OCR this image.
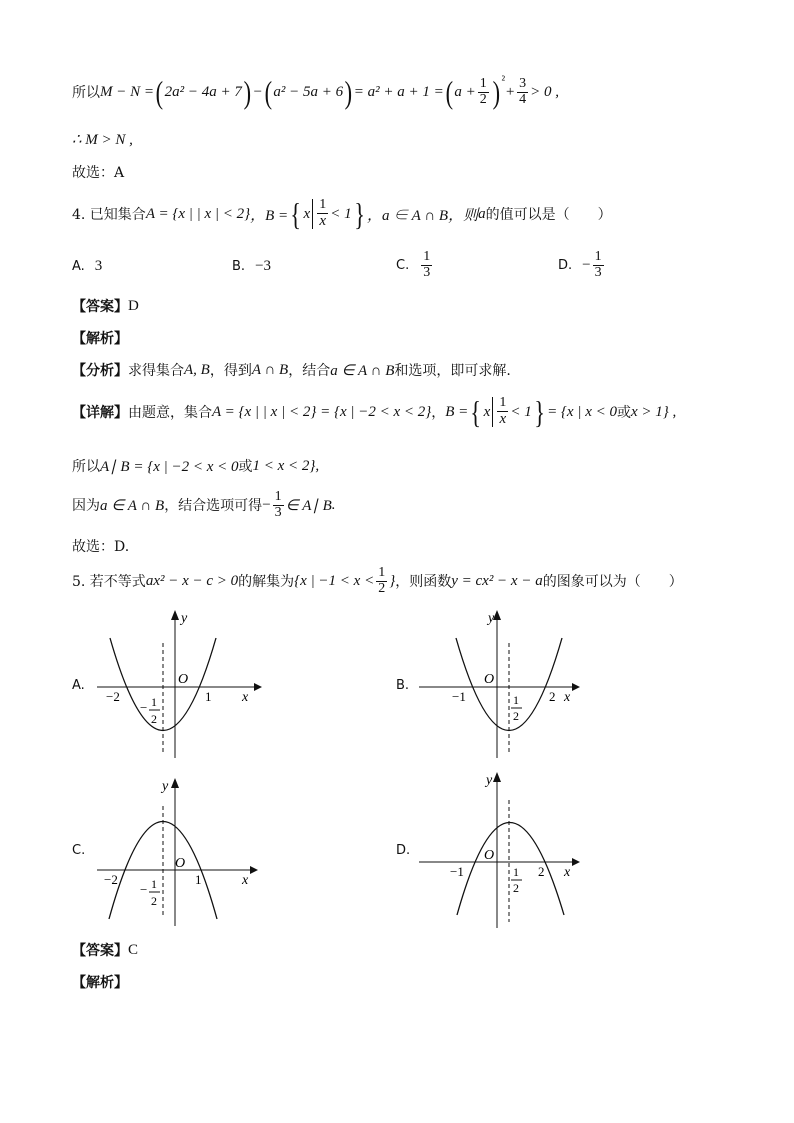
所以 M − N = ( 2a² − 4a + 7 ) − ( a² − 5a + 6 ) = a² + a + 1 = ( $a + \frac{1}{2} )^{^2}$
+ $\frac{3}{4} > 0$ ,
∴ M > N ,
故选：A
4. 已知集合 A = {x | | x | < 2} ，B = { x $\frac{1}{x} < 1$ } ，a ∈ A ∩ B，则 a 的值可以是（　　）
A. 3	B. −3	C. $\frac{1}{3}$	D. − $\frac{1}{3}$
【答案】 D
【解析】
【分析】 求得集合 A, B ，得到 A ∩ B ，结合 a ∈ A ∩ B 和选项，即可求解.
【详解】 由题意，集合 A = {x | | x | < 2} = {x | −2 < x < 2} ， B = { x $\frac{1}{x} < 1$ } = {x | x < 0 或 x > 1} ,
所以 A∣ B = {x | −2 < x < 0 或 1 < x < 2} ,
因为 a ∈ A ∩ B ，结合选项可得 − $\frac{1}{3}$ ∈ A∣ B .
故选：D.
5. 若不等式 ax² − x − c > 0 的解集为 {x | $-1 < x < \frac{1}{2}$ } ，则函数 y = cx² − x − a 的图象可以为（　　）
A.
y
x
O
−2	1
− 1
2
B.
y
x
O
−1	2
1
2
C.
y
x
O
−2	1
− 1
2
D.
y
x
O
−1	2
1
2
【答案】 C
【解析】
